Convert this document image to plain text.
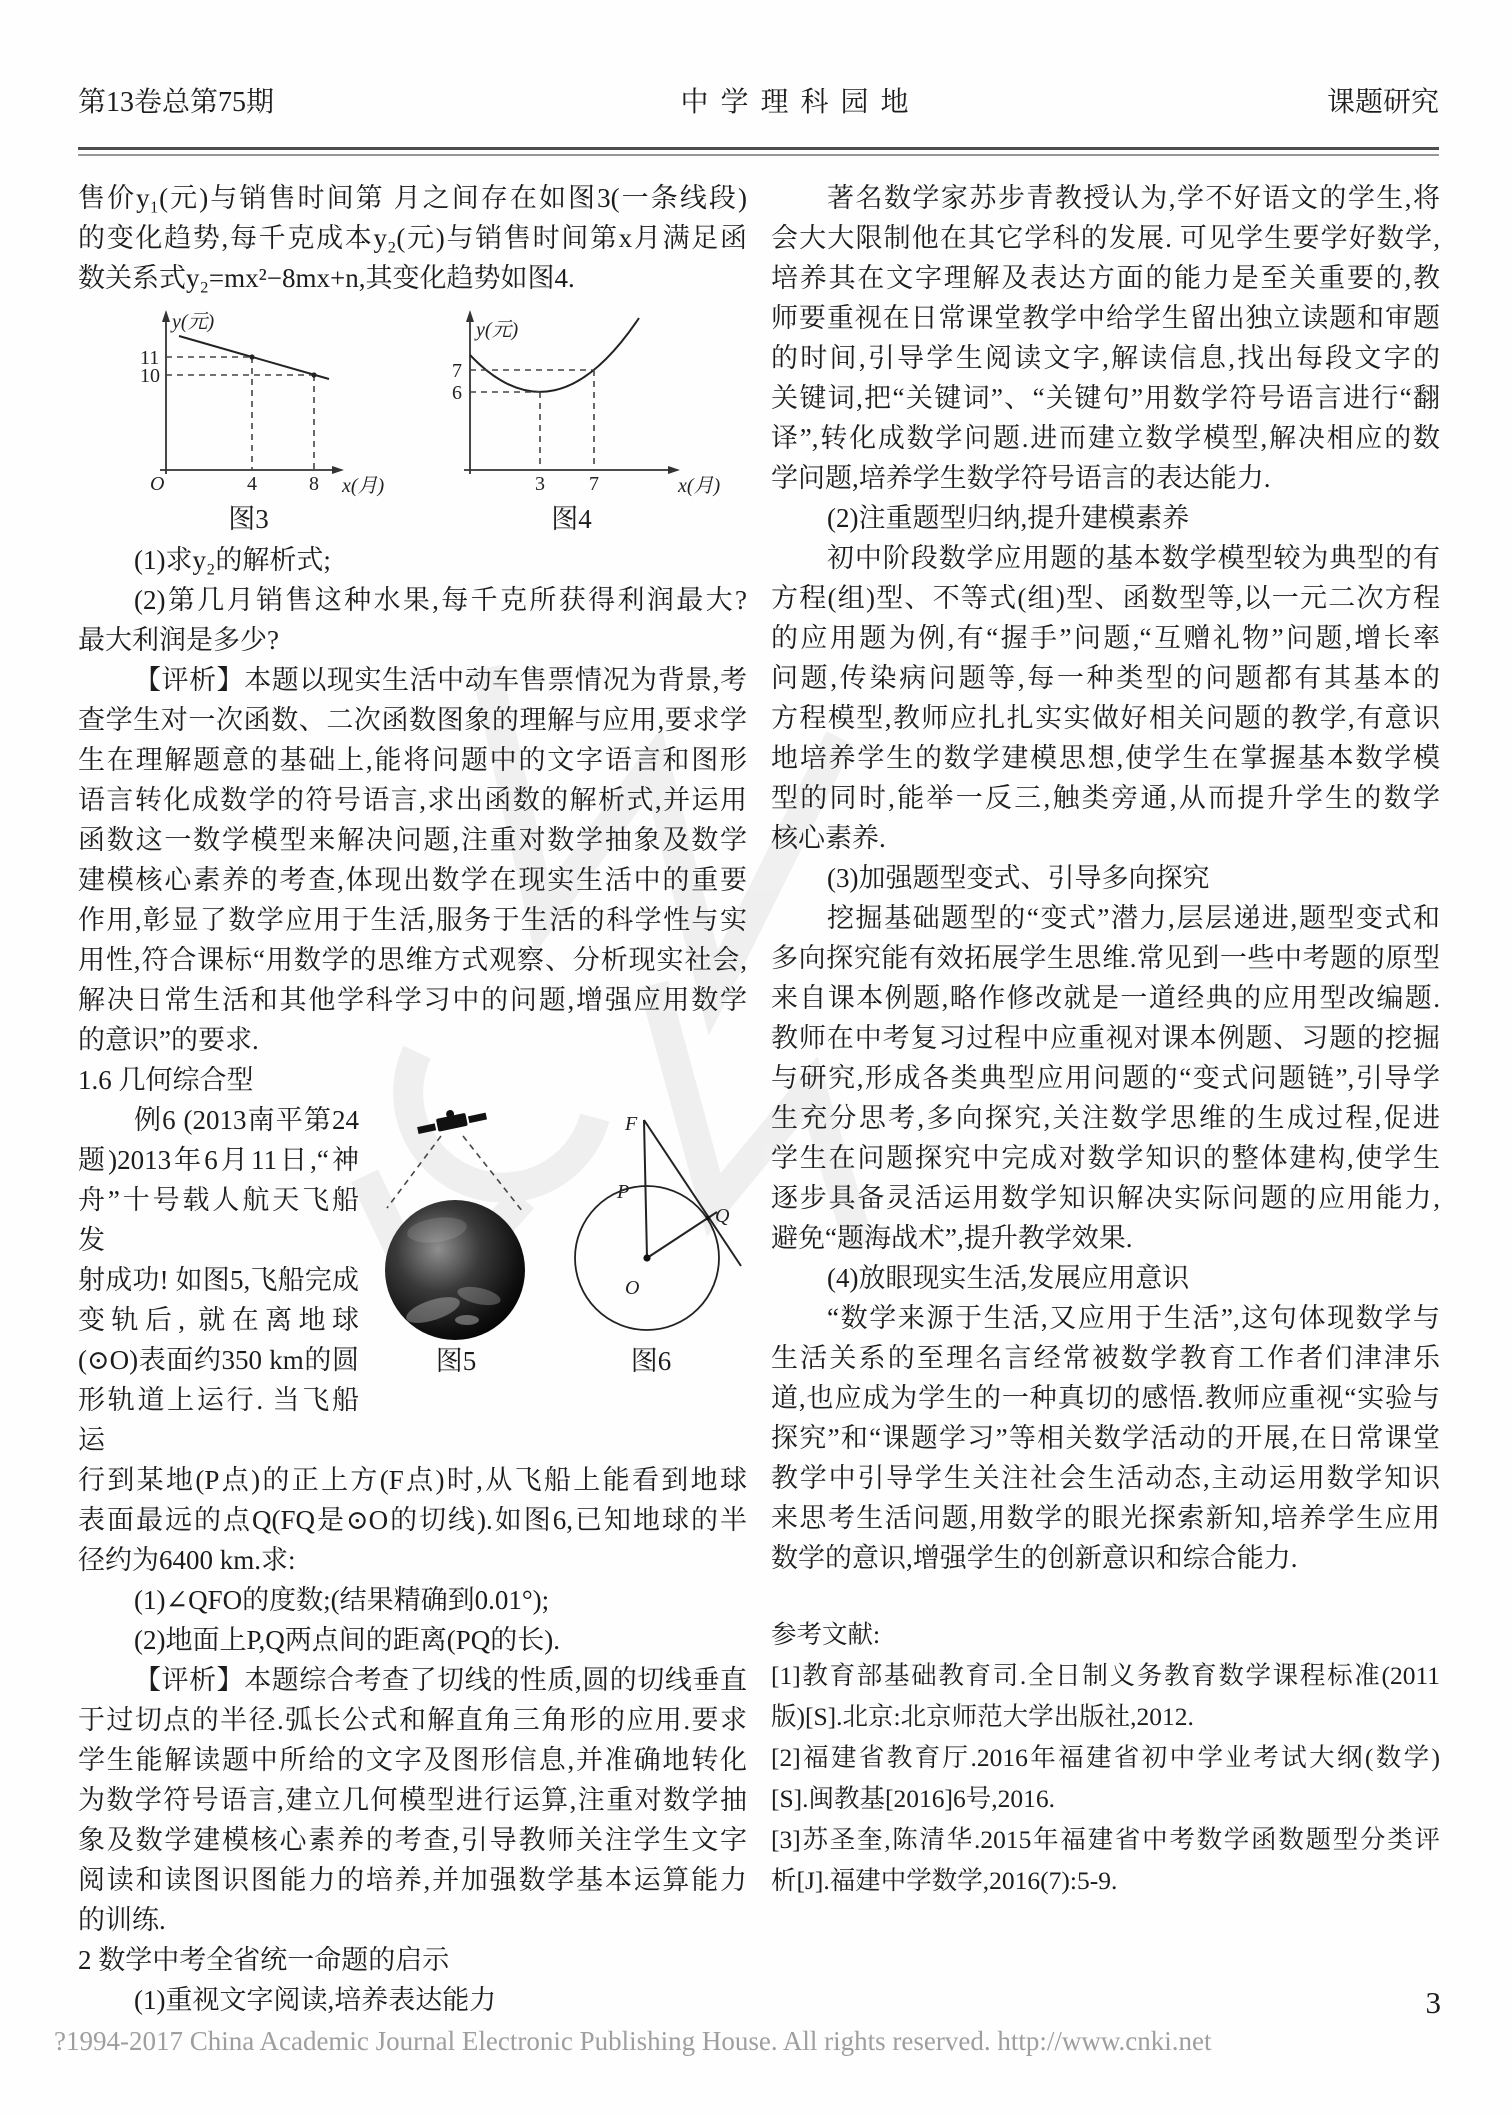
第13卷总第75期	中学理科园地	课题研究
售价y₁(元)与销售时间第 月之间存在如图3(一条线段)
的变化趋势,每千克成本y₂(元)与销售时间第x月满足函
数关系式y₂=mx²−8mx+n,其变化趋势如图4.
y(元)
11
10
O	4	8 x(月)
图3
y(元)
7
6
3 7	x(月)
图4
(1)求y₂的解析式;
(2)第几月销售这种水果,每千克所获得利润最大?
最大利润是多少?
【评析】本题以现实生活中动车售票情况为背景,考
查学生对一次函数、二次函数图象的理解与应用,要求学
生在理解题意的基础上,能将问题中的文字语言和图形
语言转化成数学的符号语言,求出函数的解析式,并运用
函数这一数学模型来解决问题,注重对数学抽象及数学
建模核心素养的考查,体现出数学在现实生活中的重要
作用,彰显了数学应用于生活,服务于生活的科学性与实
用性,符合课标“用数学的思维方式观察、分析现实社会,
解决日常生活和其他学科学习中的问题,增强应用数学
的意识”的要求.
1.6 几何综合型
例6 (2013南平第24
题)2013年6月11日,“神
舟”十号载人航天飞船发
射成功! 如图5,飞船完成
变轨后, 就在离地球
(⊙O)表面约350 km的圆
形轨道上运行. 当飞船运
图5
F
P
O
Q
图6
行到某地(P点)的正上方(F点)时,从飞船上能看到地球
表面最远的点Q(FQ是⊙O的切线).如图6,已知地球的半
径约为6400 km.求:
(1)∠QFO的度数;(结果精确到0.01°);
(2)地面上P,Q两点间的距离(PQ的长).
【评析】本题综合考查了切线的性质,圆的切线垂直
于过切点的半径.弧长公式和解直角三角形的应用.要求
学生能解读题中所给的文字及图形信息,并准确地转化
为数学符号语言,建立几何模型进行运算,注重对数学抽
象及数学建模核心素养的考查,引导教师关注学生文字
阅读和读图识图能力的培养,并加强数学基本运算能力
的训练.
2 数学中考全省统一命题的启示
(1)重视文字阅读,培养表达能力
著名数学家苏步青教授认为,学不好语文的学生,将
会大大限制他在其它学科的发展. 可见学生要学好数学,
培养其在文字理解及表达方面的能力是至关重要的,教
师要重视在日常课堂教学中给学生留出独立读题和审题
的时间,引导学生阅读文字,解读信息,找出每段文字的
关键词,把“关键词”、“关键句”用数学符号语言进行“翻
译”,转化成数学问题.进而建立数学模型,解决相应的数
学问题,培养学生数学符号语言的表达能力.
(2)注重题型归纳,提升建模素养
初中阶段数学应用题的基本数学模型较为典型的有
方程(组)型、不等式(组)型、函数型等,以一元二次方程
的应用题为例,有“握手”问题,“互赠礼物”问题,增长率
问题,传染病问题等,每一种类型的问题都有其基本的
方程模型,教师应扎扎实实做好相关问题的教学,有意识
地培养学生的数学建模思想,使学生在掌握基本数学模
型的同时,能举一反三,触类旁通,从而提升学生的数学
核心素养.
(3)加强题型变式、引导多向探究
挖掘基础题型的“变式”潜力,层层递进,题型变式和
多向探究能有效拓展学生思维.常见到一些中考题的原型
来自课本例题,略作修改就是一道经典的应用型改编题.
教师在中考复习过程中应重视对课本例题、习题的挖掘
与研究,形成各类典型应用问题的“变式问题链”,引导学
生充分思考,多向探究,关注数学思维的生成过程,促进
学生在问题探究中完成对数学知识的整体建构,使学生
逐步具备灵活运用数学知识解决实际问题的应用能力,
避免“题海战术”,提升教学效果.
(4)放眼现实生活,发展应用意识
“数学来源于生活,又应用于生活”,这句体现数学与
生活关系的至理名言经常被数学教育工作者们津津乐
道,也应成为学生的一种真切的感悟.教师应重视“实验与
探究”和“课题学习”等相关数学活动的开展,在日常课堂
教学中引导学生关注社会生活动态,主动运用数学知识
来思考生活问题,用数学的眼光探索新知,培养学生应用
数学的意识,增强学生的创新意识和综合能力.
参考文献:
[1]教育部基础教育司.全日制义务教育数学课程标准(2011
版)[S].北京:北京师范大学出版社,2012.
[2]福建省教育厅.2016年福建省初中学业考试大纲(数学)
[S].闽教基[2016]6号,2016.
[3]苏圣奎,陈清华.2015年福建省中考数学函数题型分类评
析[J].福建中学数学,2016(7):5-9.
3
?1994-2017 China Academic Journal Electronic Publishing House. All rights reserved. http://www.cnki.net
